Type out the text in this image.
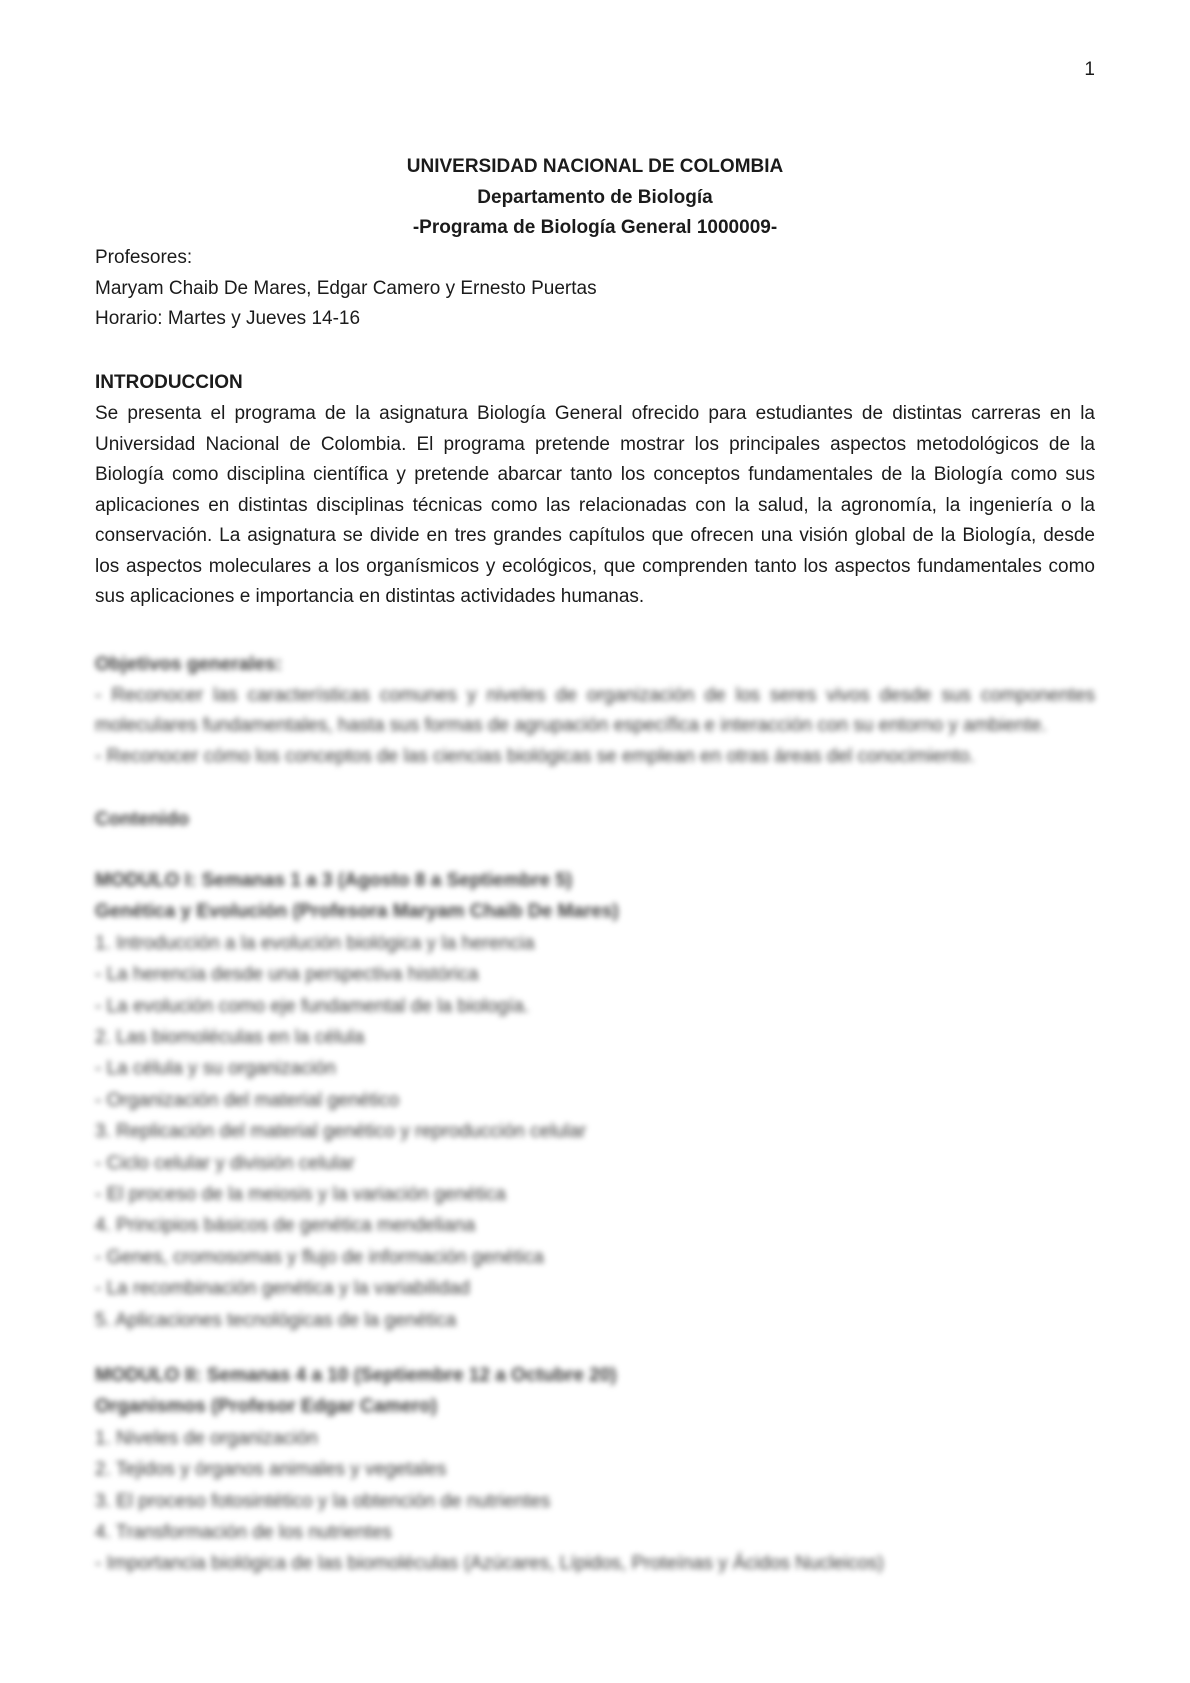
1
UNIVERSIDAD NACIONAL DE COLOMBIA
Departamento de Biología
-Programa de Biología General 1000009-
Profesores:
Maryam Chaib De Mares, Edgar Camero y Ernesto Puertas
Horario: Martes y Jueves 14-16
INTRODUCCION
Se presenta el programa de la asignatura Biología General ofrecido para estudiantes de distintas carreras en la Universidad Nacional de Colombia. El programa pretende mostrar los principales aspectos metodológicos de la Biología como disciplina científica y pretende abarcar tanto los conceptos fundamentales de la Biología como sus aplicaciones en distintas disciplinas técnicas como las relacionadas con la salud, la agronomía, la ingeniería o la conservación. La asignatura se divide en tres grandes capítulos que ofrecen una visión global de la Biología, desde los aspectos moleculares a los organísmicos y ecológicos, que comprenden tanto los aspectos fundamentales como sus aplicaciones e importancia en distintas actividades humanas.
Objetivos generales:
- Reconocer las características comunes y niveles de organización de los seres vivos desde sus componentes moleculares fundamentales, hasta sus formas de agrupación específica e interacción con su entorno y ambiente.
- Reconocer cómo los conceptos de las ciencias biológicas se emplean en otras áreas del conocimiento.
Contenido
MODULO I: Semanas 1 a 3 (Agosto 8 a Septiembre 5)
Genética y Evolución (Profesora Maryam Chaib De Mares)
1. Introducción a la evolución biológica y la herencia
- La herencia desde una perspectiva histórica
- La evolución como eje fundamental de la biología.
2. Las biomoléculas en la célula
- La célula y su organización
- Organización del material genético
3. Replicación del material genético y reproducción celular
- Ciclo celular y división celular
- El proceso de la meiosis y la variación genética
4. Principios básicos de genética mendeliana
- Genes, cromosomas y flujo de información genética
- La recombinación genética y la variabilidad
5. Aplicaciones tecnológicas de la genética
MODULO II: Semanas 4 a 10 (Septiembre 12 a Octubre 20)
Organismos (Profesor Edgar Camero)
1. Niveles de organización
2. Tejidos y órganos animales y vegetales
3. El proceso fotosintético y la obtención de nutrientes
4. Transformación de los nutrientes
- Importancia biológica de las biomoléculas (Azúcares, Lípidos, Proteínas y Ácidos Nucleicos)
